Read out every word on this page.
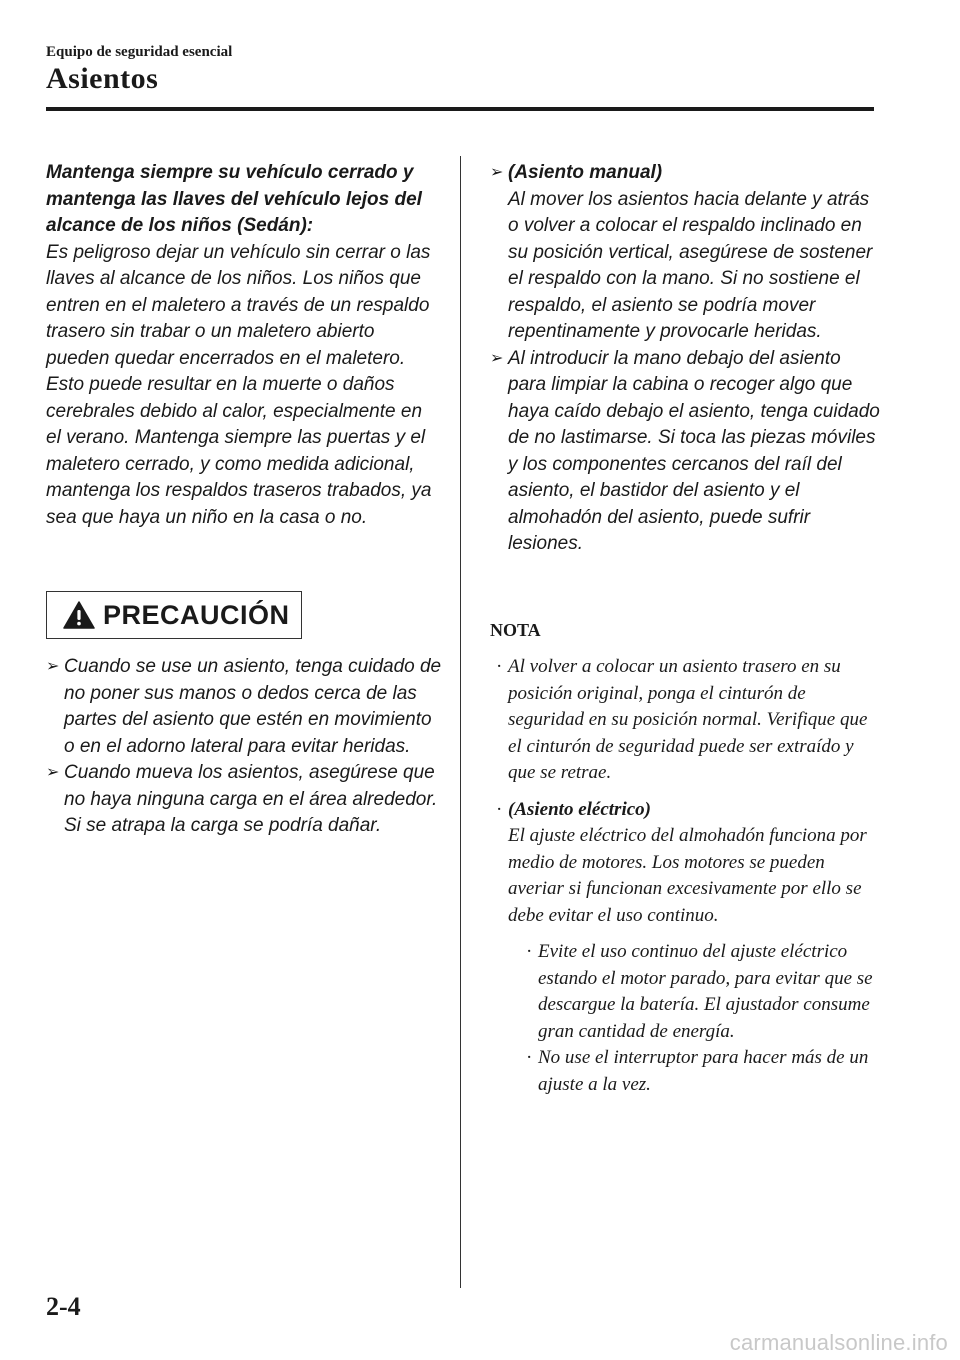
Equipo de seguridad esencial
Asientos

Mantenga siempre su vehículo cerrado y mantenga las llaves del vehículo lejos del alcance de los niños (Sedán):

Es peligroso dejar un vehículo sin cerrar o las llaves al alcance de los niños. Los niños que entren en el maletero a través de un respaldo trasero sin trabar o un maletero abierto pueden quedar encerrados en el maletero. Esto puede resultar en la muerte o daños cerebrales debido al calor, especialmente en el verano. Mantenga siempre las puertas y el maletero cerrado, y como medida adicional, mantenga los respaldos traseros trabados, ya sea que haya un niño en la casa o no.

PRECAUCIÓN
➢ Cuando se use un asiento, tenga cuidado de no poner sus manos o dedos cerca de las partes del asiento que estén en movimiento o en el adorno lateral para evitar heridas.
➢ Cuando mueva los asientos, asegúrese que no haya ninguna carga en el área alrededor. Si se atrapa la carga se podría dañar.
➢ (Asiento manual)
Al mover los asientos hacia delante y atrás o volver a colocar el respaldo inclinado en su posición vertical, asegúrese de sostener el respaldo con la mano. Si no sostiene el respaldo, el asiento se podría mover repentinamente y provocarle heridas.
➢ Al introducir la mano debajo del asiento para limpiar la cabina o recoger algo que haya caído debajo el asiento, tenga cuidado de no lastimarse. Si toca las piezas móviles y los componentes cercanos del raíl del asiento, el bastidor del asiento y el almohadón del asiento, puede sufrir lesiones.
NOTA
· Al volver a colocar un asiento trasero en su posición original, ponga el cinturón de seguridad en su posición normal. Verifique que el cinturón de seguridad puede ser extraído y que se retrae.
· (Asiento eléctrico)
El ajuste eléctrico del almohadón funciona por medio de motores. Los motores se pueden averiar si funcionan excesivamente por ello se debe evitar el uso continuo.
· Evite el uso continuo del ajuste eléctrico estando el motor parado, para evitar que se descargue la batería. El ajustador consume gran cantidad de energía.
· No use el interruptor para hacer más de un ajuste a la vez.
2-4
carmanualsonline.info
